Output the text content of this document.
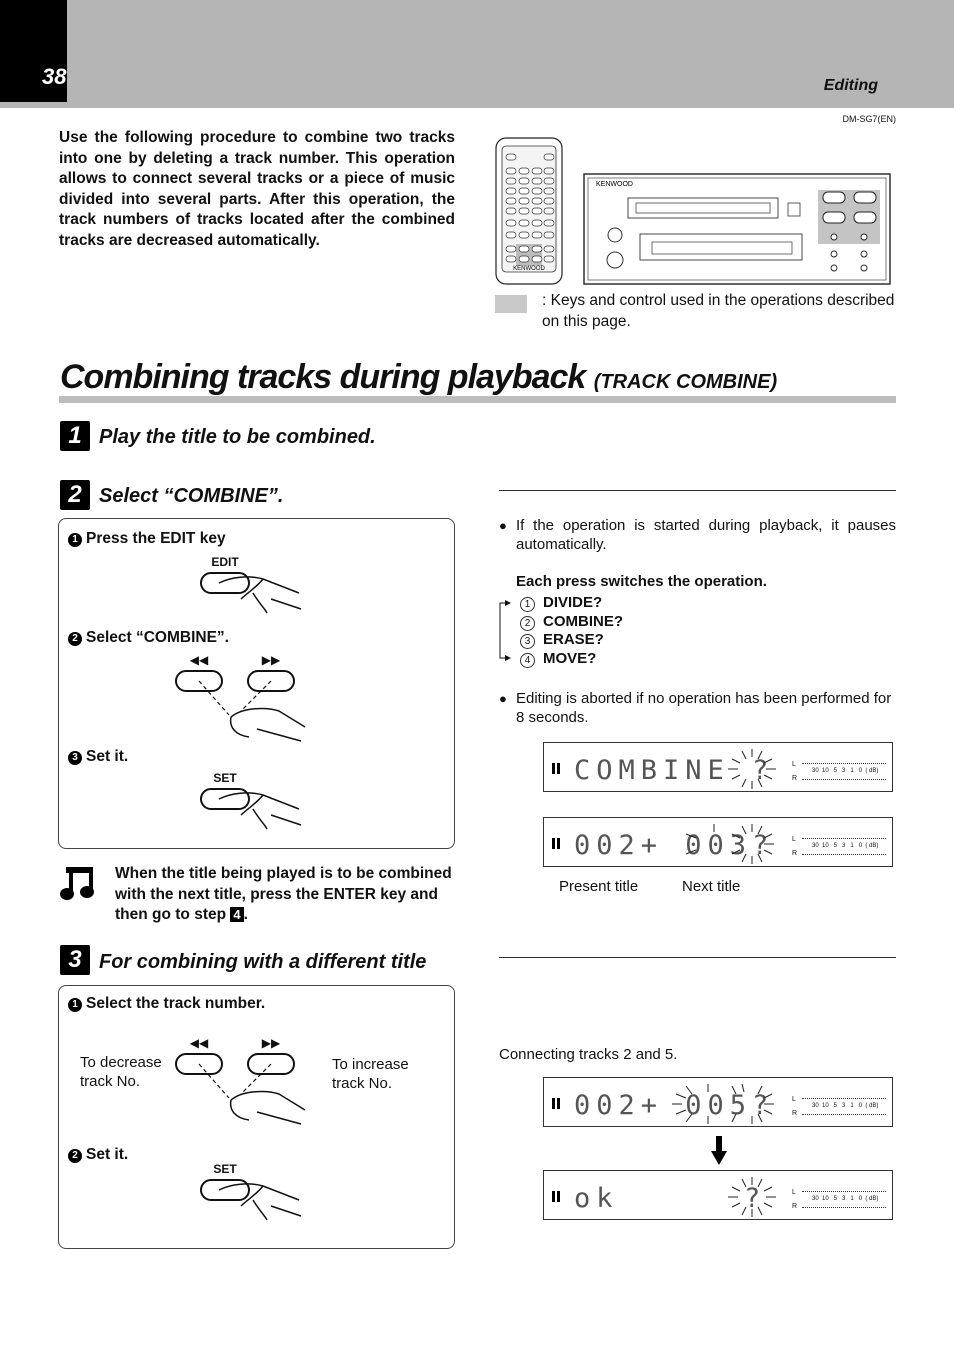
38	Editing
DM-SG7(EN)
Use the following procedure to combine two tracks into one by deleting a track number. This operation allows to connect several tracks or a piece of music divided into several parts. After this operation, the track numbers of tracks located after the combined tracks are decreased automatically.
KENWOOD
KENWOOD
: Keys and control used in the operations described on this page.
Combining tracks during playback (TRACK COMBINE)
1 Play the title to be combined.
2 Select “COMBINE”.
1 Press the EDIT key
EDIT
2 Select “COMBINE”.
◀◀	▶▶
3 Set it.
SET
When the title being played is to be combined with the next title, press the ENTER key and then go to step 4 .
3 For combining with a different title
1 Select the track number.
To decrease track No.
To increase track No.
◀◀	▶▶
2 Set it.
SET
● If the operation is started during playback, it pauses automatically.
Each press switches the operation.
1 DIVIDE?
2 COMBINE?
3 ERASE?
4 MOVE?
● Editing is aborted if no operation has been performed for 8 seconds.
COMBINE ?	L
R
30  10   5   3   1   0  ( dB)
002+ 003?	L
R
30  10   5   3   1   0  ( dB)
Present title	Next title
Connecting tracks 2 and 5.
002+ 005?	L
R
30  10   5   3   1   0  ( dB)
ok	?	L
R
30  10   5   3   1   0  ( dB)
